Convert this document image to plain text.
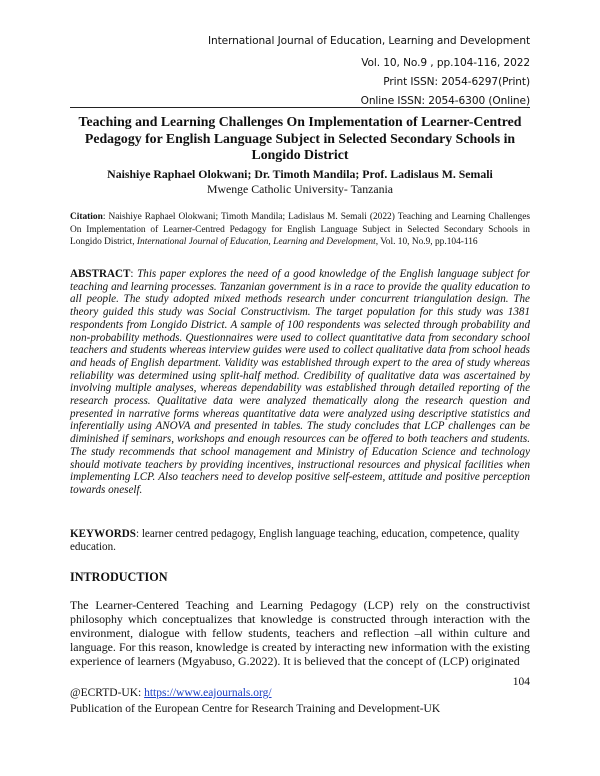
International Journal of Education, Learning and Development
Vol. 10, No.9 , pp.104-116, 2022
Print ISSN: 2054-6297(Print)
Online ISSN: 2054-6300 (Online)
Teaching and Learning Challenges On Implementation of Learner-Centred Pedagogy for English Language Subject in Selected Secondary Schools in Longido District
Naishiye Raphael Olokwani; Dr. Timoth Mandila; Prof. Ladislaus M. Semali
Mwenge Catholic University- Tanzania
Citation: Naishiye Raphael Olokwani; Timoth Mandila; Ladislaus M. Semali (2022) Teaching and Learning Challenges On Implementation of Learner-Centred Pedagogy for English Language Subject in Selected Secondary Schools in Longido District, International Journal of Education, Learning and Development, Vol. 10, No.9, pp.104-116
ABSTRACT: This paper explores the need of a good knowledge of the English language subject for teaching and learning processes. Tanzanian government is in a race to provide the quality education to all people. The study adopted mixed methods research under concurrent triangulation design. The theory guided this study was Social Constructivism. The target population for this study was 1381 respondents from Longido District. A sample of 100 respondents was selected through probability and non-probability methods. Questionnaires were used to collect quantitative data from secondary school teachers and students whereas interview guides were used to collect qualitative data from school heads and heads of English department. Validity was established through expert to the area of study whereas reliability was determined using split-half method. Credibility of qualitative data was ascertained by involving multiple analyses, whereas dependability was established through detailed reporting of the research process. Qualitative data were analyzed thematically along the research question and presented in narrative forms whereas quantitative data were analyzed using descriptive statistics and inferentially using ANOVA and presented in tables. The study concludes that LCP challenges can be diminished if seminars, workshops and enough resources can be offered to both teachers and students. The study recommends that school management and Ministry of Education Science and technology should motivate teachers by providing incentives, instructional resources and physical facilities when implementing LCP. Also teachers need to develop positive self-esteem, attitude and positive perception towards oneself.
KEYWORDS: learner centred pedagogy, English language teaching, education, competence, quality education.
INTRODUCTION
The Learner-Centered Teaching and Learning Pedagogy (LCP) rely on the constructivist philosophy which conceptualizes that knowledge is constructed through interaction with the environment, dialogue with fellow students, teachers and reflection –all within culture and language. For this reason, knowledge is created by interacting new information with the existing experience of learners (Mgyabuso, G.2022). It is believed that the concept of (LCP) originated
104
@ECRTD-UK: https://www.eajournals.org/
Publication of the European Centre for Research Training and Development-UK
